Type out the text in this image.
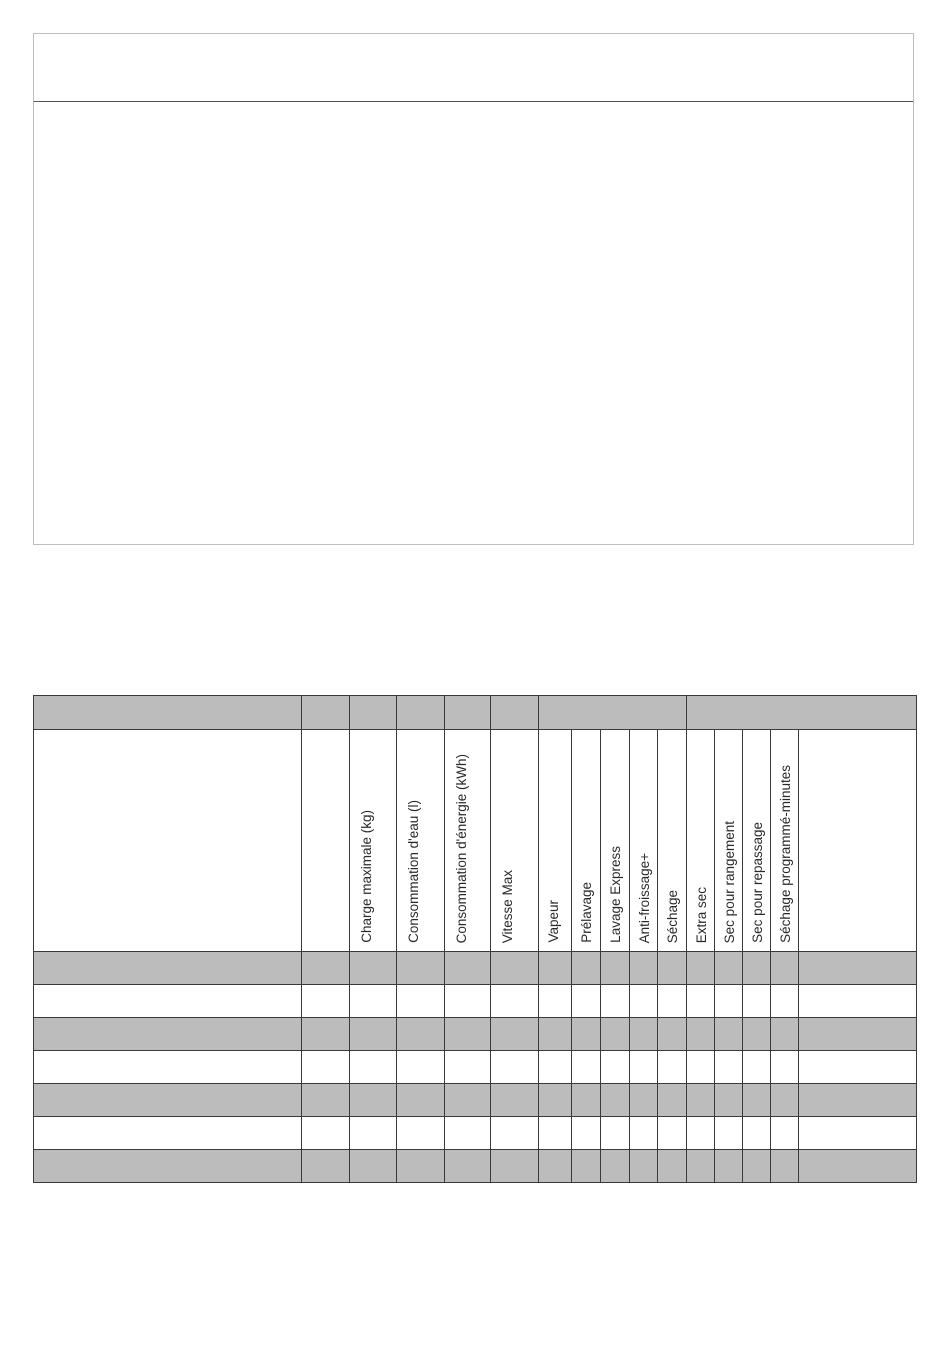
		Charge maximale (kg)	Consommation d'eau (l)	Consommation d'énergie (kWh)	Vitesse Max	Vapeur	Prélavage	Lavage Express	Anti-froissage+	Séchage	Extra sec	Sec pour rangement	Sec pour repassage	Séchage programmé-minutes	
